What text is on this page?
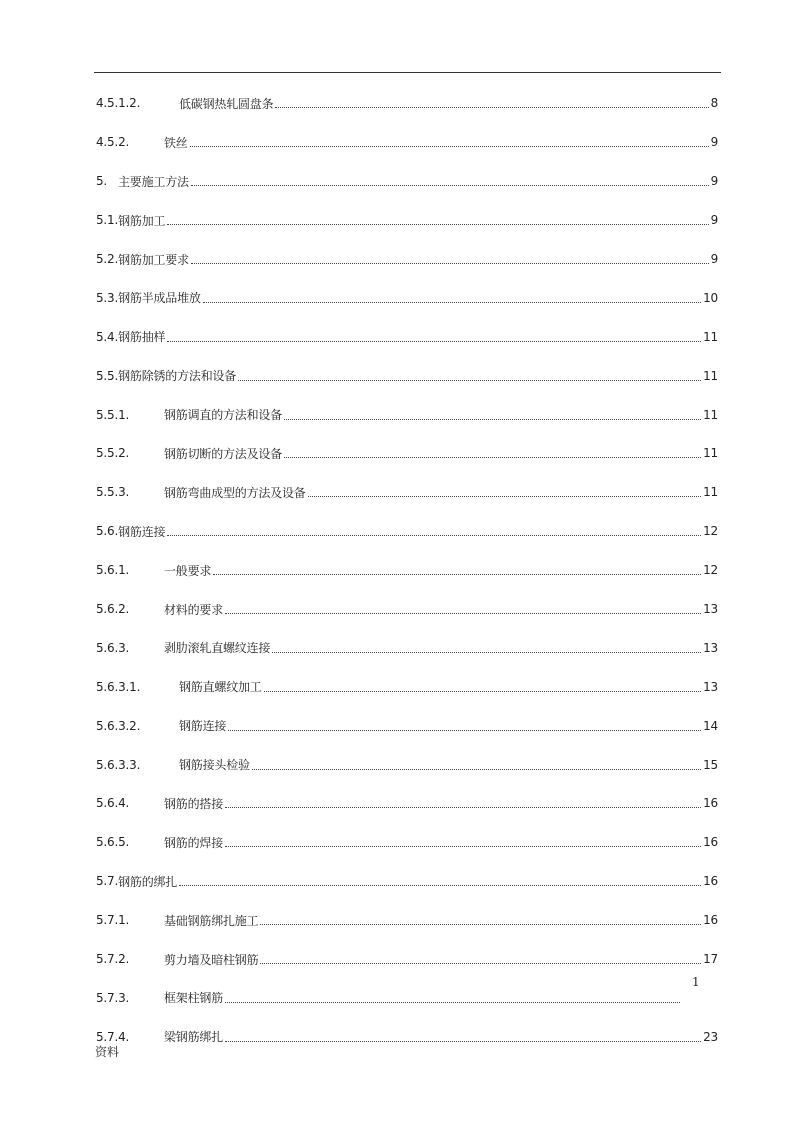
4.5.1.2.	低碳钢热轧圆盘条	8
4.5.2.	铁丝	9
5. 主要施工方法	9
5.1. 钢筋加工	9
5.2. 钢筋加工要求	9
5.3. 钢筋半成品堆放	10
5.4. 钢筋抽样	11
5.5. 钢筋除锈的方法和设备	11
5.5.1.	钢筋调直的方法和设备	11
5.5.2.	钢筋切断的方法及设备	11
5.5.3.	钢筋弯曲成型的方法及设备	11
5.6. 钢筋连接	12
5.6.1.	一般要求	12
5.6.2.	材料的要求	13
5.6.3.	剥肋滚轧直螺纹连接	13
5.6.3.1.	钢筋直螺纹加工	13
5.6.3.2.	钢筋连接	14
5.6.3.3.	钢筋接头检验	15
5.6.4.	钢筋的搭接	16
5.6.5.	钢筋的焊接	16
5.7. 钢筋的绑扎	16
5.7.1.	基础钢筋绑扎施工	16
5.7.2.	剪力墙及暗柱钢筋	17
5.7.3.	框架柱钢筋
5.7.4.	梁钢筋绑扎	23
1
资料
